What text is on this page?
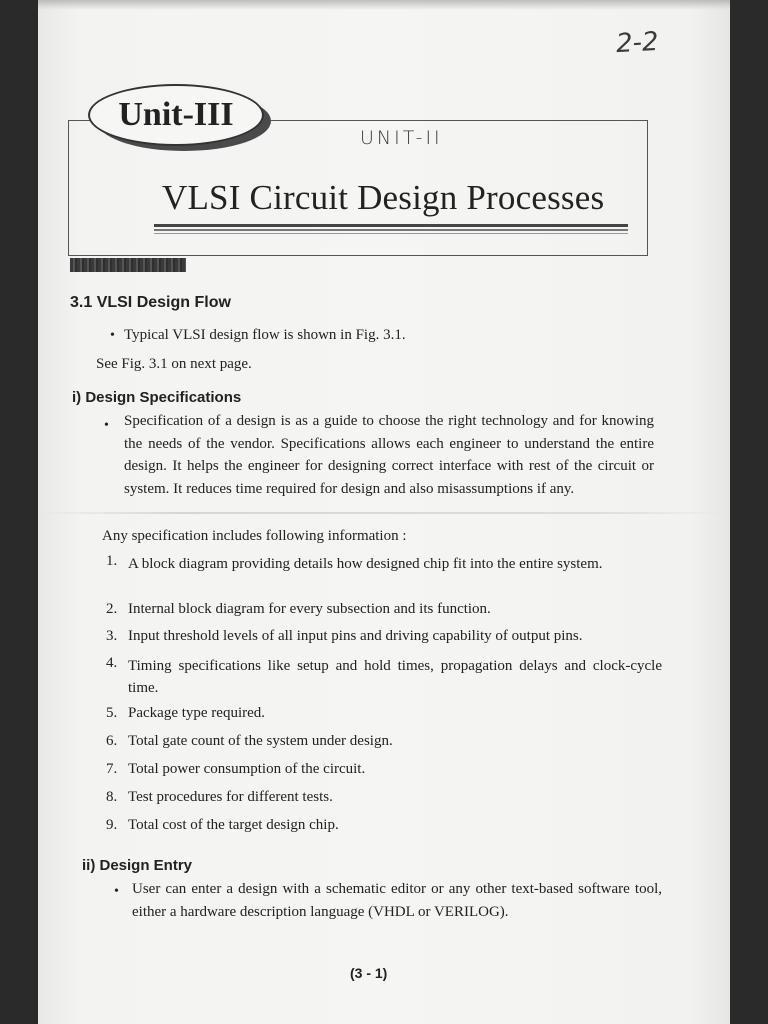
2-2
Unit-III
UNIT-II
VLSI Circuit Design Processes
3.1 VLSI Design Flow
• Typical VLSI design flow is shown in Fig. 3.1.
See Fig. 3.1 on next page.
i) Design Specifications
• Specification of a design is as a guide to choose the right technology and for knowing the needs of the vendor. Specifications allows each engineer to understand the entire design. It helps the engineer for designing correct interface with rest of the circuit or system. It reduces time required for design and also misassumptions if any.
Any specification includes following information :
1. A block diagram providing details how designed chip fit into the entire system.
2. Internal block diagram for every subsection and its function.
3. Input threshold levels of all input pins and driving capability of output pins.
4. Timing specifications like setup and hold times, propagation delays and clock-cycle time.
5. Package type required.
6. Total gate count of the system under design.
7. Total power consumption of the circuit.
8. Test procedures for different tests.
9. Total cost of the target design chip.
ii) Design Entry
• User can enter a design with a schematic editor or any other text-based software tool, either a hardware description language (VHDL or VERILOG).
(3 - 1)
